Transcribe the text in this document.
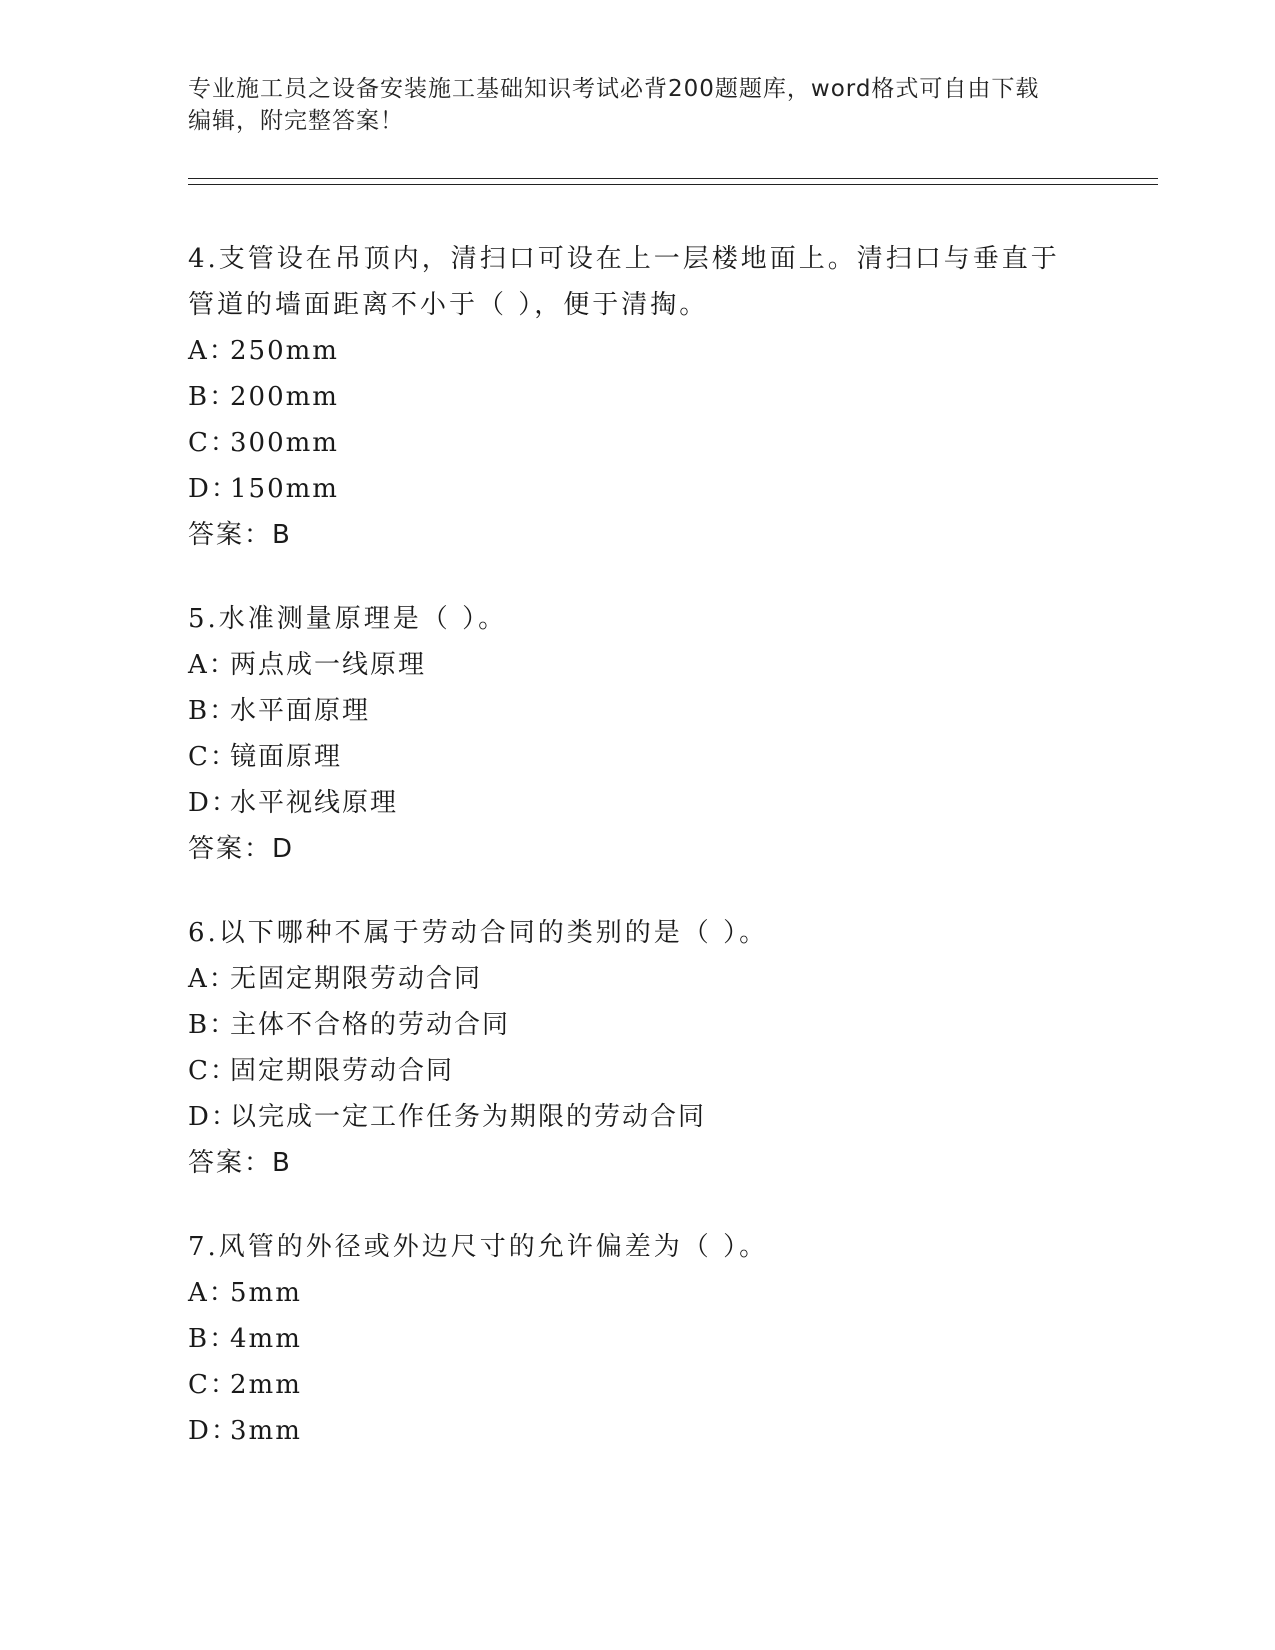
专业施工员之设备安装施工基础知识考试必背200题题库，word格式可自由下载
编辑，附完整答案！

4.支管设在吊顶内，清扫口可设在上一层楼地面上。清扫口与垂直于

管道的墙面距离不小于（ ），便于清掏。

A：250mm

B：200mm

C：300mm

D：150mm

答案：B

5.水准测量原理是（ ）。

A：两点成一线原理

B：水平面原理

C：镜面原理

D：水平视线原理

答案：D

6.以下哪种不属于劳动合同的类别的是（ ）。

A：无固定期限劳动合同

B：主体不合格的劳动合同

C：固定期限劳动合同

D：以完成一定工作任务为期限的劳动合同

答案：B

7.风管的外径或外边尺寸的允许偏差为（ ）。

A：5mm

B：4mm

C：2mm

D：3mm
